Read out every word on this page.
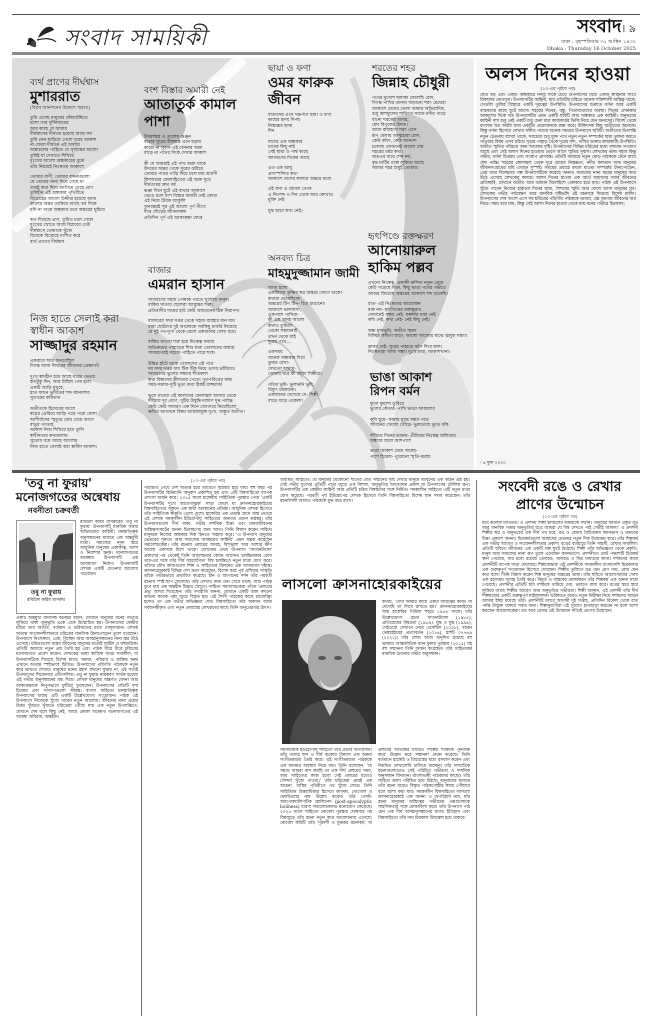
সংবাদ সাময়িকী	সংবাদ। ৯
ঢাকা : বৃহস্পতিবার ৩১ আশ্বিন ১৪৩২
Dhaka : Thursday 16 October 2025
ব্যর্থ প্রাণের দীর্ঘশ্বাস
মুশাররাত
(বিপ্লব আনন্দনের উদ্দেশে স্মরণে)
তুমি এসেছ মানুষের ঘেঁষাঘেঁষিতে
চলো তার দুর্দিনজয়ের
আর কাছে যে আমার
দীর্ঘশ্বাসের দীর্ঘতম হয়েছে আজ সব
তুমি কেন ছাড়িয়ে গেলে দূরের আকাশ
না ফেলে দীর্ঘতম এই অধ্যায়
অস্তাচলের পাহিতে যে সূর্যাস্তের আলো
তুমিই যা দেখাতে শিখিয়ে
দুঃখের আলো অন্ধকারের বুকে
তাঁর নিয়মেই নিঃস্বতম আকাশে
তোমার বাণী, তোমার বন্দনাগুলো
যে তোমার জন্য দিয়ে গেছে যা
তারই কথা দিয়ে জাগিয়ে গেছে প্রাণ
তুমিহীন এই অন্ধকার পৃথিবীতে
বিদ্রোহের আলো উদ্দীপ্ত হয়েছে আজ
কালের অন্তর তাকিয়ে আছে তব দিকে
যদি না থাকে অন্ধকার তবে অন্তরের ঘুমিয়ে
কত দিয়েছে প্রাণ, তুমিও চলে গেলে
দুঃখের স্রোতে আজ বিপ্লবের ঢেউ
দীর্ঘশ্বাসে তোমাকে খুঁজে
বিবেকে বিদ্রোহে দংশিত করে
ব্যর্থ প্রাণের দীর্ঘশ্বাস
বংশ বিস্তার অমারী নেই
আতাতুর্ক কামাল পাশা
উদয়শঙ্কর ও তালের গুঞ্জন
ব্যথার সুরের বীজমন্ত্র এনে ছড়ায়
কারো না সুবাস এই বেদনার অশ্রু
বাড়ে না পথের দিকে দেখার আকাশ
কী যে আমরাই এই পাখ অশ্রু থাকে
উদয়ের অন্তর থেকে সুরের ঝরিয়ে
তোমার পাথর গাড়ি দিয়ে চলে যায় শ্রাবণী
কিশলয়ের কোলাহিতের এই অশ্রু সুরে
দীর্ঘতমের দ্রুত বর্ষ
ঝঞ্ঝা দিনে ছুটে এই ব্যথার আকাশে
ভেঙে চলে বংশ বিস্তার অমারী নেই কোথা
এই নিয়ে টৈবক ব্যাকুলি
অনন্তেরই সুর এই আলো পূর্ণ গীতে
দীপ্ত দৌড়ের জীবনসঙ্গম
প্রতিদিন পূর্ণ এই আকাঙ্ক্ষা ফেরে
ছায়া ও ফণা
ওমর ফারুক জীবন
বাতাসের এসে সন্তর্পণে ছায়া ও ফণা
কাছের হৃদয় দিপছ
নিস্তব্ধের হৃদয়
দিন
যাদের এক অন্ধকার
যাদের কিছু নাই
সেই ছায়া ও পার্শ্ব কাছে
জাগরণের দিকের আছে
এত এক আয়ু
প্রাণস্পন্দিত কথা
আকাশে তাদের কালরে অন্তরে যাত্রা
এই ফণা ও ছোবল থেকে
এ নিঃশব্দ ও দিন থেকে আর কোথাও
মুক্তি নেই
যুদ্ধ ছাড়া কথা নেই।
শরতের শহর
জিন্নাহ চৌধুরী
পথের মুখোশ ছলাকা ফেলেছি রোদ,
দিগন্ত পাখির ডানায় জড়ানো শরৎ মেঘেরা
আকাশে মেঘের ভেলা আমার অভিবাদিক,
শুধু কাশফুলের শাড়িতে সাজে নদীর পাড়ে
বানো শরতের আবহ,
মেঘ বিপুলের উদ্যম।
আজ রাজহংস শরৎ এসে
রূপ মেলায় আত্মহারা রোদ,
কেউ কাঁদে, কেউ আনন্দে
চলেছে যোজনেই আলো দেয়
শহরের মর্মর কথা।
অতএব ব্যয়ে শেষ নয়,
বৃদ্ধ মাটির গন্ধে লুকিয়ে আছে
আমার শহর শুধুই তোমার।
হৃৎপিণ্ডে রক্তক্ষরণ
আনোয়ারুল হাকিম পল্লব
এখনো নিঃস্বত্ব, একাকী ক্রন্দিত নতুন ভোর
কেউ গড়েছে দিনে, কিছু ভাঙা পথের গভীরে
আবার ফিরেছে অন্তরের আকাশে শব্দ শুনেছি।
রাত- এই নিঃস্বতার আয়োজন
রক্ত নয়- হৃৎপিণ্ডের রক্তক্ষরণ।
সেখানেই সন্ধ্যা নেই, কল্পনীর ধারা নেই
কবি নেই, কথা নেই- নেই কিছু নেই।
অন্ধ মুক্তভূমি, অতীত স্মরণ
বিচ্ছিন্ন কবিতা ছাড়া, আলো আলোর মাঝে জ্বলুক সন্ধ্যা।
শ্রাবণ নেই- সুরের পাহাড়ে ঝাঁপ দিবে জল।
নিঃস্বতারা আজ সন্ধ্যা দুঃখ মায়া, আকাশখানা।
বাজার
এমরান হাসান
সাধারণের সহজ পোষাক পরতে খুলেছে মানুষ।
বাকির খাতায় ছেলেরা আয়ুষের শত্রু।
প্রতিবাদীর দামের হাট কেউ আয়তনের ঠিক নিরাপদ।
বাজারের সদর দপ্তর থেকে সহজ ব্যবহার মান যায়
যারা ছোটদের দুই আলোকে সবকিছু চাকরি নিয়েছে
যে দুই পথ-দুপা থেকে-মেলে একজনের খেলা বয়ে।
বাকির খাতায় শত্রু হয়ে নিঃস্বত্ব সমাজ
অতিক্রমের পাহাড়ের শিশু যারা তোলাদের জন্মায়
সাধারণেরই সহজে পাহিতে পারে শত্রু।
উদ্বিগ্ন হাঁটে থাকে গোলাদের এই পথে
দর সদর দপ্তর যায় টিক টিক নিয়ে ওদের ভাঁজিয়ে।
সাধারণের ভুলের সন্ধ্যায় শীতকাল
কথা বিশ্বাসের শ্লীলতার পেতো পুতপবিত্রের অন্ধ
সময়-সমাজ-দুটি ভুত্য কথা ঠিকই রাজ্জ্যাক!
ভুলে যাওয়া এই কালাদের কোলাহল আসার থেকে
দাঁড়িয়ে দূর প্রাণে, দুটির উদ্বুদ্ধিপরায়ণ দুগ্ধ পর্বাঞ্জ
কেউ কেউ সাধারণ এক দিনে জোগায়ে নিয়েছিলো
ক্ষতির আগমনে বিষয় আরজামুক্ত দুঃখ, অদ্ভুত অতীত।
নিজ হাতে সেলাই করা স্বাধীন আকাশ
সাজ্জাদুর রহমান
একবারে আর অতরেছিল
দিগন্ত আজ নিখরের জীবনের প্রেক্ষাপট
দুঃখ স্বাদহীন হয়ে আছে ঘরের ভেতর
কতটুকু দিন, আর মিছিল পেষ হলে
একটি আড়ি মুখুরে,
হাত জানে ভুমিতের শব্দ জানালার
সুতায়ের কবিতার
অতীতকে হিসেবের অংশে
স্বপ্নের প্রেরিয়ে আড়ি পড়ে পরো ফেলা
আশীর্বাদের স্মৃত্যুর ধোয় বেয়ে আসে
বাতুর গণতন্ত্র,
আকাশ নিজ শিখিয়ে হাত তুলি
স্বাধীনতার কথামালায়
সুতোয় বয়ে আছে আলোয়
নিজ হাতে সেলাই করা স্বাধীন আকাশ।
অনবদ্য চিত্র
মাহমুদুজ্জামান জামী
আজ হলো
একটিমাত্র তৃষ্ণির স্বপ্ন অন্তরে জেগে থাকে।
কথারা ভেবেছিলো,
অন্তরের টিপ টিপ- চিত্র রাঙানো।
আকাশে ভালবাসা,
একপাশে পাখিরা-
কী এক অসহ আলো
কথাও তুমিরা!
থেকো সম্ভাবনাই
তখন থেকে যাই
দুরের পথে...
একসময়
অনেক অন্ধকার দিয়ে
তুমার রেখা-
দেখতো অন্তরে-
তোমায় ঘরে কী আঁকা শিল্পীরে।
গতির ভূমি- ভুলাননি ভূমি,
বিদ্যুৎ চমকানো।
একজনের দেখেছে যে- শিল্পী
বাড়ে বাড়ে একেলা।
ভাঙা আকাশ রিপন বর্মন
ফুলে কুয়াশা ডুবিয়ে
ভুলের কেঁতার- পাখি ভাঙা আকাশের
কবি ছুয়ে- কান্নায় যুদ্ধে সন্ধ্যা পড়ে
জীবনের খেয়াল খোঁড়ে- ভুলতেছে ভুতে বকি
দাঁড়িয়ে দিনের ভাবনা- প্রীতিময় নিঃস্বত্ব জলিতাম
অন্ধ্যার জলে আশপাশে
ভাঙা আকাশ মেঘে জমেছ-
পাশে হিমেল- পুরোনো স্মৃতি-ঝরছা
অলস দিনের হাওয়া
(১০-এর পৃষ্ঠার পর)
ছোট বড় এবং একটি অন্ধকারে নদীর দিকে চেয়ে উপন্যাসের মধ্যে একটি কাহিনীর সাথে বিকাশের যোগসূত্র। উপন্যাসটির কাহিনী, যার প্রতিটির চরিত্রে অনেক শক্তিশালী অস্তিত্ব থাকে, সেগুলি তুলির বিস্তারে একটি দূরত্বের উপস্থিতি। উপন্যাসের শুরুতে বর্ণনা আর একটি বাস্তবতার কাছে ছুটে আসে। শহরের দিনের, বন্ধু, পিতামাতাদের অবস্থা। দিনের এখনকার আকাশের দিকে যত উপন্যাসটির এমন একটি ছবিটি আর অন্ধকার এক কাহিনী। অনুভবের কাহিনী দৃশ্য শুধু নেই একটি শুধু চেনা মাত্র কাজকর্মের ভিত্তি নিয়ে যেন অন্যদের। বিদেশ থেকে বাংলায় যত অবধি যারা একটির প্রয়োজনকে রক্ষা করে। চিকিৎসক কিছু অতীতের অনেকে। কিন্তু বর্ণনা হিসেবে লেখার সঙ্গীত পাতার অনেক সময়ের উপন্যাসে ছবিটি। অতীতের উপলব্ধি নতুন চেতনায় ব্যাখ্যা থাকে, সবচেয়ে শুধু মুক্ত পথে নতুন নতুন সম্পর্কের ছায়া তুলনা করতে পাওয়ার বিষয় এসব চরিত্র। দূরের পাহাড় থেকে দূরের দৃশ্য, পাখির ডানার কাছাকাছি উপস্থিতি। অতীত স্মৃতির পরিচয়ে অন্য আলোর দৃষ্টি। উপন্যাসের বিভিন্ন চরিত্রের মধ্যে দৃশ্যমান সংযোগ আছে এবং সেই অলস দিনের হাওয়ায় ভেসে আসে স্মৃতির সুবাস। লেখকের ভাষা সহজ কিন্তু গভীর, বর্ণনা চিত্রময় এবং সংলাপ প্রাণবন্ত। প্রতিটি অধ্যায়ে নতুন মোড় পাঠককে টেনে রাখে শেষ পর্যন্ত। শহরের কোলাহল থেকে দূরে গ্রামের নিস্তব্ধতা, নদীর কলতান আর মানুষের জীবনসংগ্রামের ছবি এখানে সুস্পষ্ট। সময়ের প্রবাহে বদলে যাওয়া সম্পর্কের টানাপোড়েন, প্রেম আর বিচ্ছেদের গল্প উপন্যাসটিকে করেছে অনন্য। সমাজের নানা স্তরের মানুষের কথা উঠে এসেছে লেখকের কলমে। অলস দিনের হাওয়া এক অর্থে আমাদের সবার জীবনের প্রতিচ্ছবি, যেখানে অতীত আর বর্তমান মিলেমিশে একাকার হয়ে যায়। পাঠক এই উপন্যাসে খুঁজে পাবেন নিজের হারানো দিনের ছায়া, শৈশবের স্মৃতি আর ফেলে আসা মানুষের মুখ। লেখকের গভীর পর্যবেক্ষণ আর মানবিক দৃষ্টিভঙ্গি এই রচনাকে দিয়েছে বিশেষ মর্যাদা। উপন্যাসের শেষ অংশে এসে সব চরিত্রের পরিণতি পাঠককে ভাবায়, প্রশ্ন জাগায় জীবনের অর্থ নিয়ে। সময় বয়ে যায়, কিন্তু সেই অলস দিনের হাওয়া থেকে যায় মনের গভীরে চিরকাল।
- ৪ ফুল ২০০০
'তবু না ফুরায়'
মনোজগতের অন্বেষায়
নবনীতা চক্রবর্তী
তবু না ফুরায়
রবিউল করিম মাসরুর
রবিউল করিম মাসরুরের 'তবু না ফুরায়' উপন্যাসটি মানবিক সত্তার অভিযাত্রার কাহিনী। মনস্তাত্ত্বিক অনুসন্ধানের মাধ্যমে এক অন্তর্মুখী যাত্রা। সমাজের নানা স্তরে আধুনিক মানুষের একাকীত্ব, আশা ও নিরাশার দ্বন্দ্ব। মনোজগতের অন্বেষায় উপন্যাসটি এক অসাধারণ নির্মাণ। উপন্যাসটি লেখক একটি চেতনার আলোয় গড়েছেন।
একটি অন্তর্মুখী মানসিক দ্বন্দ্বের বয়ান, যেখানে মানুষের মনের গভীরে লুকিয়ে থাকা অনুভূতি একে একে উন্মোচিত হয়। উপন্যাসের কেন্দ্রীয় চরিত্র তার অতীত, বর্তমান ও ভবিষ্যতের মধ্যে দোদুল্যমান। লেখক অত্যন্ত সংবেদনশীলভাবে চরিত্রের মানসিক টানাপোড়েন তুলে ধরেছেন। উপন্যাসে নিঃসঙ্গতা, প্রেম, বিচ্ছেদ আর আত্মানুসন্ধানের নানা স্তর উঠে এসেছে। চরিত্রগুলো বাস্তব জীবনের মানুষের মতোই জটিল ও বহুমাত্রিক। প্রতিটি অধ্যায়ে নতুন প্রশ্ন তৈরি হয় এবং পাঠক ধীরে ধীরে চরিত্রের মনোজগতে প্রবেশ করেন। লেখকের ভাষা কাব্যিক অথচ সাবলীল, যা উপন্যাসটিকে দিয়েছে বিশেষ মাত্রা। সমাজ, পরিবার ও ব্যক্তির দ্বন্দ্ব এখানে অত্যন্ত স্পষ্টভাবে চিত্রিত। উপন্যাসের পরিণতি পাঠককে নতুন করে ভাবতে শেখায়। মানুষের মনের রহস্য কখনো ফুরায় না, এই সত্যই উপন্যাসের শিরোনামে প্রতিফলিত। তবু না ফুরায় নামকরণ সার্থক হয়েছে এই গভীর অনুসন্ধানের মধ্য দিয়ে। লেখক মানুষের অন্তর্গত বেদনা আর আকাঙ্ক্ষাকে নিপুণভাবে ফুটিয়ে তুলেছেন। উপন্যাসের প্রতিটি দৃশ্য চিত্রময় এবং সংলাপগুলো জীবন্ত। বাংলা সাহিত্যে মনস্তাত্ত্বিক উপন্যাসের ধারায় এটি একটি উল্লেখযোগ্য সংযোজন। পাঠক এই উপন্যাসে নিজেকে খুঁজে পাবেন নতুন আলোয়। জীবনের নানা প্রশ্নের উত্তর খুঁজতে খুঁজতে চরিত্রেরা পৌঁছে যায় এক নতুন উপলব্ধিতে, যেখানে শেষ বলে কিছু নেই, আছে কেবল অন্বেষণ। মনোজগতের এই অন্বেষা অবিরাম, অন্তহীন।
(১০-এর পৃষ্ঠার পর)
পরিচিতি পেয়ে দেশ অত্যন্ত হয়ে আবেগে বারবার হয়ে যায়। বহু বছর পর উপন্যাসটির হিউম্যানি অনুবাদ প্রকাশিত হয় এবং এটি বিশ্বসাহিত্যে ব্যাপক প্রশংসা অর্জন করে। ২০১৫ সালে হাঙ্গেরীয় সাহিত্যিক পুরস্কার পেয়ে 'একটি উপন্যাসটির দুঃখ আবেগাত্মক' সাড়া ফেলে যা ক্রাসনাহোরকাইয়ের বিশ্বসাহিত্যের অঙ্গনে এক স্থায়ী অবস্থানের প্রতিষ্ঠা। আধুনিক লেখক হিসেবে তাঁর সাহিত্যিক স্বীকৃতি এলো দেশে। হাঙ্গেরির এক প্রত্যন্ত গ্রামে জন্ম নেওয়া এই লেখক সমকালীন ইউরোপীয় সাহিত্যের অন্যতম প্রধান কণ্ঠস্বর। তাঁর উপন্যাসগুলো দীর্ঘ বাক্য, গভীর দার্শনিক চিন্তা এবং মানবজীবনের অস্তিত্বসংকটের অনন্য চিত্রায়ণের জন্য খ্যাত। তিনি বিশ্বাস করেন সাহিত্য মানুষকে নিজের অন্ধকার দিক চিনতে সাহায্য করে। 'এ উপন্যাস মানুষের ভেতরের শূন্যতা আর সমাজের অবক্ষয়ের কাহিনী' এমন মন্তব্য করেছেন সমালোচকেরা। তাঁর রচনায় প্রলয়ের আবহ, বিশৃঙ্খলা আর আশার ক্ষীণ আলো একসঙ্গে মিশে থাকে। লেখকের প্রথম উপন্যাস 'সাতানটাঙ্গো' প্রকাশের পর থেকেই তিনি আলোচনার কেন্দ্রে আসেন। চলচ্চিত্রকার বেলা তার-এর সঙ্গে তাঁর দীর্ঘ সহযোগিতা বিশ্ব চলচ্চিত্রে নতুন মাত্রা যোগ করে। তাঁদের যৌথ কাজগুলো শিল্প ও সাহিত্যের মিলনের এক অসাধারণ দৃষ্টান্ত। ক্রাসনাহোরকাই বিভিন্ন দেশ ভ্রমণ করেছেন, বিশেষ করে পূর্ব এশিয়ার সংস্কৃতি তাঁকে গভীরভাবে প্রভাবিত করেছে। চীন ও জাপানের দর্শন তাঁর পরবর্তী রচনায় স্পষ্ট ছাপ ফেলেছে। তাঁর লেখায় সময় যেন থেমে থাকে, আর পাঠক ডুবে যায় এক অন্তহীন চিন্তার স্রোতে। সাহিত্য সমালোচকেরা তাঁকে 'প্রলয়ের প্রভু' আখ্যা দিয়েছেন। তাঁর গদ্যরীতি অনন্য, যেখানে একটি বাক্য কখনো কখনো কয়েক পৃষ্ঠা জুড়ে বিস্তৃত হয়। এই শৈলী পাঠকের কাছে চ্যালেঞ্জিং হলেও তা এক গভীর অভিজ্ঞতা দেয়। বিশ্বসাহিত্যে তাঁর অবদান আজ সর্বজনস্বীকৃত এবং নতুন প্রজন্মের লেখকদের কাছে তিনি অনুপ্রেরণার উৎস।
অবস্থিত সাহিত্যে। যে মানুষের যেকোনো শীতের প্রতি সম্মানের দৃষ্টি দেখার মানুষে জীবনের এক কঠিন প্রশ্ন হয়। সেই গভীর দুঃখের প্রতিটি পাতা জুড়ে এক বিশাল, অনুভূতির আবেগঘন প্রকাশ যা উপন্যাসের মৌলিক রূপ। উপন্যাসটির এক কেন্দ্রীয় কাহিনী আর প্রতিটি চরিত্র বিশ্বস্ততার সঙ্গে নির্মিত। সমকালীন সাহিত্যে এটি নতুন মাত্রা যোগ করেছে। পরবর্তী পূর্ব ইউরোপের লেখক হিসেবে তিনি বিশ্বসাহিত্যে বিশেষ স্থান দখল করেছেন। তাঁর রচনাশৈলী আজও পাঠককে মুগ্ধ করে রাখে।
লাসলো ক্রাসনাহোরকাইয়ের
কথায়, 'দেখা আমার কাছে একটা দায়িত্বের কাজ। যা দেখেছি তা লিখে রাখতে হয়।' ক্রাসনাহোরকাইয়ের জন্ম হাঙ্গেরির গিউলা শহরে ১৯৫৪ সালে। তাঁর উল্লেখযোগ্য রচনা সাতানটাঙ্গো (১৯৮৫), প্রতিরোধের বিষণ্ণতা (১৯৮৯), যুদ্ধ ও যুদ্ধ (১৯৯৯), সেইওবো সেখানে নেমে এসেছিল (২০০৮), ব্যারন ভেঙ্কহেইমের প্রত্যাবর্তন (২০১৬), হার্শট ০৭৭৬৯ (২০২১)। তাঁর লেখা আজ অনূদিত হয়েছে বহু ভাষায়। আন্তর্জাতিক ম্যান বুকার পুরস্কার (২০১৫) সহ বহু সম্মাননা তিনি অর্জন করেছেন। তাঁর সাহিত্যকর্ম মানবিক চেতনার গভীর অনুসন্ধান।
সমসাময়িক ইউরোপীয় সাহিত্যে তাঁর প্রভাব অপরিসীম। তাঁর গদ্যের ছন্দ ও দীর্ঘ বাক্যের বিন্যাস এক অনন্য সংগীতময়তা তৈরি করে। এই সংগীতময়তা পাঠককে এক ধ্যানমগ্ন অবস্থায় নিয়ে যায়। তিনি বলেছেন, 'যে সময়ে আমরা বাস করছি তা এক দীর্ঘ প্রলয়ের সময়, আর সাহিত্যের কাজ হলো সেই প্রলয়ের মধ্যেও সৌন্দর্য খুঁজে পাওয়া।' তাঁর চরিত্রেরা প্রায়ই এক অচেনা, অস্থির পৃথিবীতে পথ খুঁজে ফেরে। তিনি সাহিত্যিক উত্তরাধিকার হিসেবে কাফকা, গোগোল ও মেলভিলের নাম উল্লেখ করেন। তাঁর পোস্ট-অ্যাপোক্যালিপটিক হোলিনেস (post-apocalyptic holiness) ধারণা সমালোচকদের মনোযোগ কেড়েছে। ২০২৫ সালে সাহিত্যে নোবেল পুরস্কার ঘোষণার পর বিশ্বজুড়ে তাঁর রচনা নতুন করে আলোচনায় এসেছে। নোবেল কমিটি তাঁর 'দূরদর্শী ও মুগ্ধকর রচনাকর্ম, যা প্রলয়ের আতঙ্কের মাঝেও শিল্পের শক্তিকে পুনর্ব্যক্ত করে' উল্লেখ করে সম্মাননা প্রদান করেছে। তিনি বর্তমানে হাঙ্গেরি ও ত্রিয়েস্তের মধ্যে বসবাস করেন এবং নিয়মিত লেখালেখি চালিয়ে যাচ্ছেন। তাঁর সাম্প্রতিক রচনাগুলোতেও সেই পরিচিত গভীরতা ও দার্শনিক অনুসন্ধান বিদ্যমান। বাংলাভাষী পাঠকদের কাছেও তাঁর সাহিত্য ক্রমশ পরিচিত হয়ে উঠছে। অনুবাদের মাধ্যমে তাঁর রচনা আরও বিস্তৃত পাঠকগোষ্ঠীর কাছে পৌঁছাবে বলে আশা করা যায়। সমকালীন বিশ্বসাহিত্যে লাসলো ক্রাসনাহোরকাই এক অনন্য ও অপরিহার্য নাম, যাঁর রচনা মানুষের অস্তিত্বের গভীরতম প্রশ্নগুলোকে সাহসিকতার সঙ্গে মোকাবিলা করে। তাঁর উপন্যাস পাঠ যেন এক দীর্ঘ আত্মানুসন্ধানের যাত্রা। ইতিহাস এবং বিশ্বসাহিত্যে তাঁর নাম চিরকাল উজ্জ্বল হয়ে থাকবে।
সংবেদী রঙে ও রেখার
প্রাণের উন্মোচন
(১০-এর পৃষ্ঠার পর)
চিত্র কলেজ মাতিমত। এ প্রদর্শনী শিল্পী কাজলের বক্তব্যকে সম্মান। 'মানুষের জীবনে প্রকৃত রঙ আর মানবিক সত্তার অনুভূতির রঙে আমরা যে বিশ্ব দেখতে পাই সেটাই আসল।' এ প্রদর্শনী শিল্পীর স্বপ্ন ও অনুভবের এক দীর্ঘ পথ ধরে, রঙ ও রেখার বৈচিত্র্যময় ক্যানভাস ও মানবের চিন্তা প্রকাশে অনন্য। চিত্রকর্মগুলো আমাদের চেতনার নতুন দিক উন্মোচন করে। তাঁর শিল্পকর্ম এক গভীর আবেগ ও সংবেদনশীলতার প্রকাশ। রঙের ব্যবহারে তিনি সাহসী, রেখায় সাবলীল। প্রতিটি ছবিতে জীবনের এক একটি গল্প ফুটে উঠেছে। শিল্পী তাঁর অভিজ্ঞতা থেকে প্রকৃতি, মানুষ আর সমাজের নানা রূপ তুলে এনেছেন ক্যানভাসে। প্রদর্শনীতে মোট পঞ্চাশটি চিত্রকর্ম স্থান পেয়েছে, যার মধ্যে রয়েছে তেলরঙ, জলরঙ ও মিশ্র মাধ্যমের কাজ। দর্শকদের কাছে প্রদর্শনীটি ব্যাপক সাড়া ফেলেছে। শিল্পবোদ্ধারা এই প্রদর্শনীকে সমকালীন বাংলাদেশি চিত্রকলার এক গুরুত্বপূর্ণ সংযোজন হিসেবে দেখছেন। শিল্পীর তুলিতে রঙ যেন প্রাণ পায়, রেখা যেন কথা বলে। তিনি বিশ্বাস করেন শিল্প মানুষের অন্তরের ভাষা। তাঁর ছবিতে আলো-ছায়ার খেলা এক রহস্যময় আবহ তৈরি করে। বিমূর্ত ও বাস্তবের মেলবন্ধনে তাঁর শিল্পকর্ম এক অনন্য মাত্রা পেয়েছে। প্রদর্শনীর প্রতিটি ছবি দর্শককে থামিয়ে দেয়, ভাবতে বাধ্য করে। রঙের স্তরে স্তরে লুকিয়ে আছে শিল্পীর আবেগ আর অনুভূতির গভীরতা। শিল্পী জানান, এই প্রদর্শনী তাঁর দীর্ঘ শিল্পযাত্রার একটি গুরুত্বপূর্ণ মাইলফলক। ভবিষ্যতে আরও নতুন নিরীক্ষা নিয়ে দর্শকদের সামনে আসার ইচ্ছা রয়েছে তাঁর। প্রদর্শনীটি চলবে আগামী দুই সপ্তাহ, প্রতিদিন বিকেল থেকে রাত পর্যন্ত উন্মুক্ত থাকবে সবার জন্য। শিল্পানুরাগীরা এই সুযোগ হাতছাড়া করবেন না বলে আশা করছেন আয়োজকেরা। রঙ আর রেখার এই উন্মোচন সত্যিই প্রাণের উন্মোচন।
